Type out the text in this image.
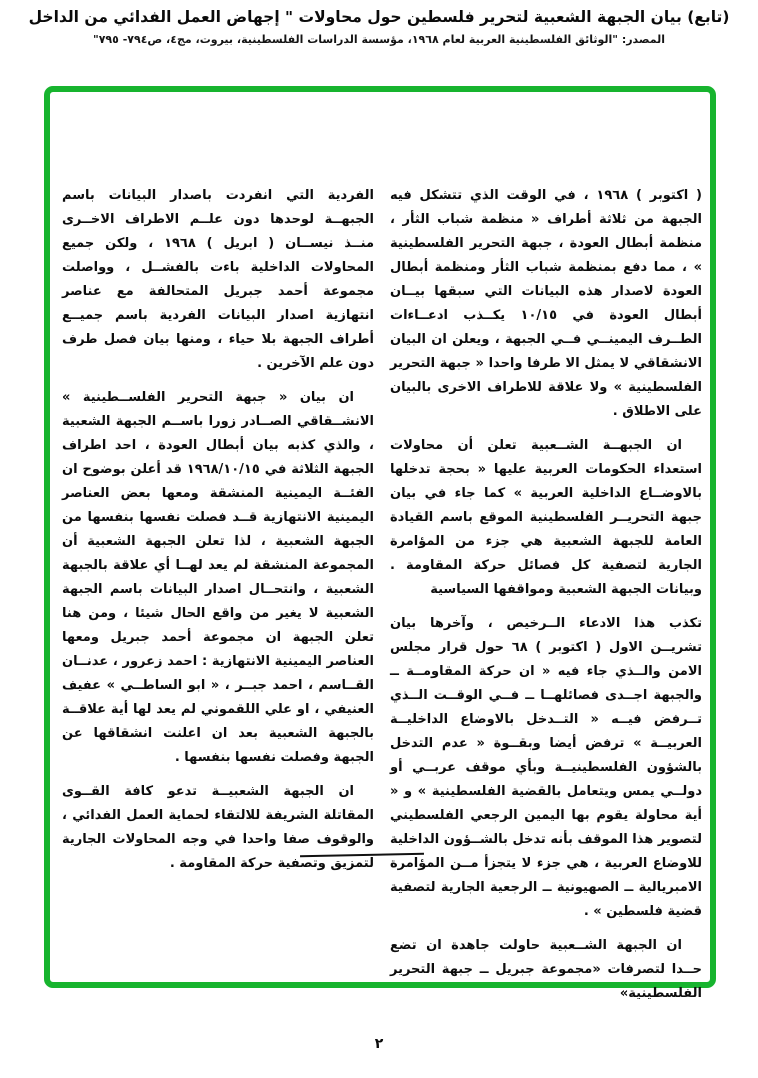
(تابع) بيان الجبهة الشعبية لتحرير فلسطين حول محاولات " إجهاض العمل الفدائي من الداخل
المصدر: "الوثائق الفلسطينية العربية لعام ١٩٦٨، مؤسسة الدراسات الفلسطينية، بيروت، مج٤، ص٧٩٤- ٧٩٥"

( اكتوبر ) ١٩٦٨ ، في الوقت الذي تتشكل فيه الجبهة من ثلاثة أطراف « منظمة شباب الثأر ، منظمة أبطال العودة ، جبهة التحرير الفلسطينية » ، مما دفع بمنظمة شباب الثأر ومنظمة أبطال العودة لاصدار هذه البيانات التي سبقها بيــان أبطال العودة في ١٠/١٥ يكــذب ادعــاءات الطــرف اليمينــي فــي الجبهة ، ويعلن ان البيان الانشقاقي لا يمثل الا طرفا واحدا « جبهة التحرير الفلسطينية » ولا علاقة للاطراف الاخرى بالبيان على الاطلاق .

ان الجبهــة الشــعبية تعلن أن محاولات استعداء الحكومات العربية عليها « بحجة تدخلها بالاوضــاع الداخلية العربية » كما جاء في بيان جبهة التحريــر الفلسطينية الموقع باسم القيادة العامة للجبهة الشعبية هي جزء من المؤامرة الجارية لتصفية كل فصائل حركة المقاومة . وبيانات الجبهة الشعبية ومواقفها السياسية

تكذب هذا الادعاء الــرخيص ، وآخرها بيان تشريــن الاول ( اكتوبر ) ٦٨ حول قرار مجلس الامن والــذي جاء فيه « ان حركة المقاومــة ــ والجبهة اجــدى فصائلهــا ــ فــي الوقــت الــذي تــرفض فيــه « التــدخل بالاوضاع الداخليــة العربيــة » ترفض أيضا وبقــوة « عدم التدخل بالشؤون الفلسطينيــة وبأي موقف عربــي أو دولــي يمس ويتعامل بالقضية الفلسطينية » و « أية محاولة يقوم بها اليمين الرجعي الفلسطيني لتصوير هذا الموقف بأنه تدخل بالشــؤون الداخلية للاوضاع العربية ، هي جزء لا يتجزأ مــن المؤامرة الامبريالية ــ الصهيونية ــ الرجعية الجارية لتصفية قضية فلسطين » .

ان الجبهة الشــعبية حاولت جاهدة ان تضع حــدا لتصرفات «مجموعة جبريل ــ جبهة التحرير الفلسطينية»

الفردية التي انفردت باصدار البيانات باسم الجبهــة لوحدها دون علــم الاطراف الاخــرى منــذ نيســان ( ابريل ) ١٩٦٨ ، ولكن جميع المحاولات الداخلية باءت بالفشــل ، وواصلت مجموعة أحمد جبريل المتحالفة مع عناصر انتهازية اصدار البيانات الفردية باسم جميــع أطراف الجبهة بلا حياء ، ومنها بيان فصل طرف دون علم الآخرين .

ان بيان « جبهة التحرير الفلســطينية » الانشــقاقي الصــادر زورا باســم الجبهة الشعبية ، والذي كذبه بيان أبطال العودة ، احد اطراف الجبهة الثلاثة في ١٩٦٨/١٠/١٥ قد أعلن بوضوح ان الفئــة اليمينية المنشقة ومعها بعض العناصر اليمينية الانتهازية قــد فصلت نفسها بنفسها من الجبهة الشعبية ، لذا تعلن الجبهة الشعبية أن المجموعة المنشقة لم يعد لهــا أي علاقة بالجبهة الشعبية ، وانتحــال اصدار البيانات باسم الجبهة الشعبية لا يغير من واقع الحال شيئا ، ومن هنا تعلن الجبهة ان مجموعة أحمد جبريل ومعها العناصر اليمينية الانتهازية : احمد زعرور ، عدنــان القــاسم ، احمد جبــر ، « ابو الساطــي » عفيف العنيفي ، او علي اللقموني لم يعد لها أية علاقــة بالجبهة الشعبية بعد ان اعلنت انشقاقها عن الجبهة وفصلت نفسها بنفسها .

ان الجبهة الشعبيــة تدعو كافة القــوى المقاتلة الشريفة للالتقاء لحماية العمل الفدائي ، والوقوف صفا واحدا في وجه المحاولات الجارية لتمزيق وتصفية حركة المقاومة .

٢
